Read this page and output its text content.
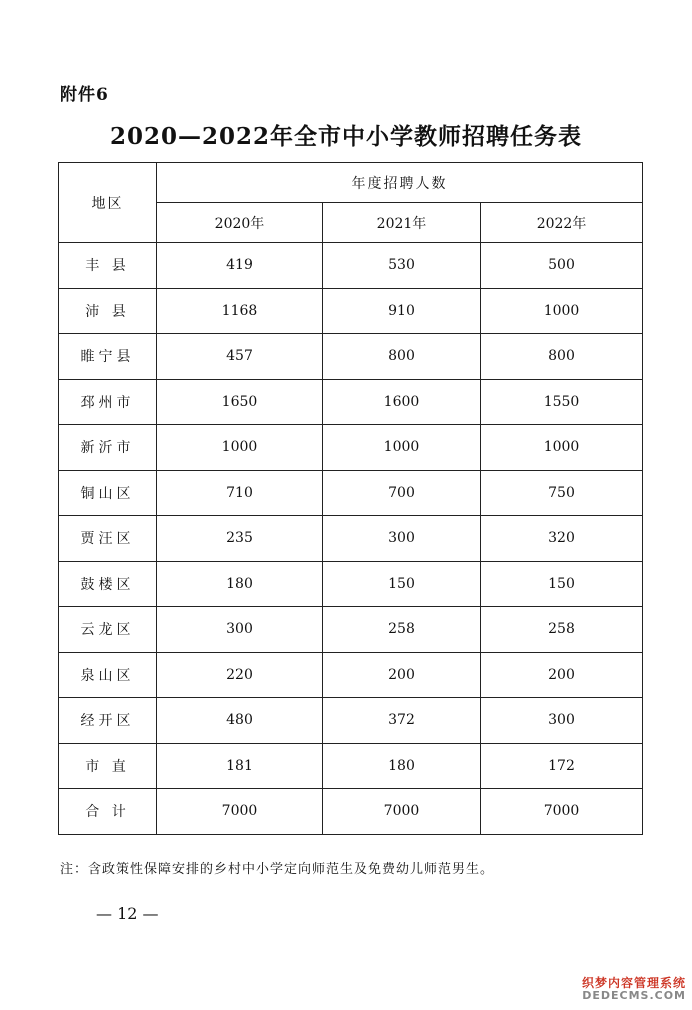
附件6
2020—2022年全市中小学教师招聘任务表
地区	年度招聘人数		
	2020年	2021年	2022年
丰 县	419	530	500
沛 县	1168	910	1000
睢宁县	457	800	800
邳州市	1650	1600	1550
新沂市	1000	1000	1000
铜山区	710	700	750
贾汪区	235	300	320
鼓楼区	180	150	150
云龙区	300	258	258
泉山区	220	200	200
经开区	480	372	300
市 直	181	180	172
合 计	7000	7000	7000
注：含政策性保障安排的乡村中小学定向师范生及免费幼儿师范男生。
— 12 —
织梦内容管理系统
DEDECMS.COM
